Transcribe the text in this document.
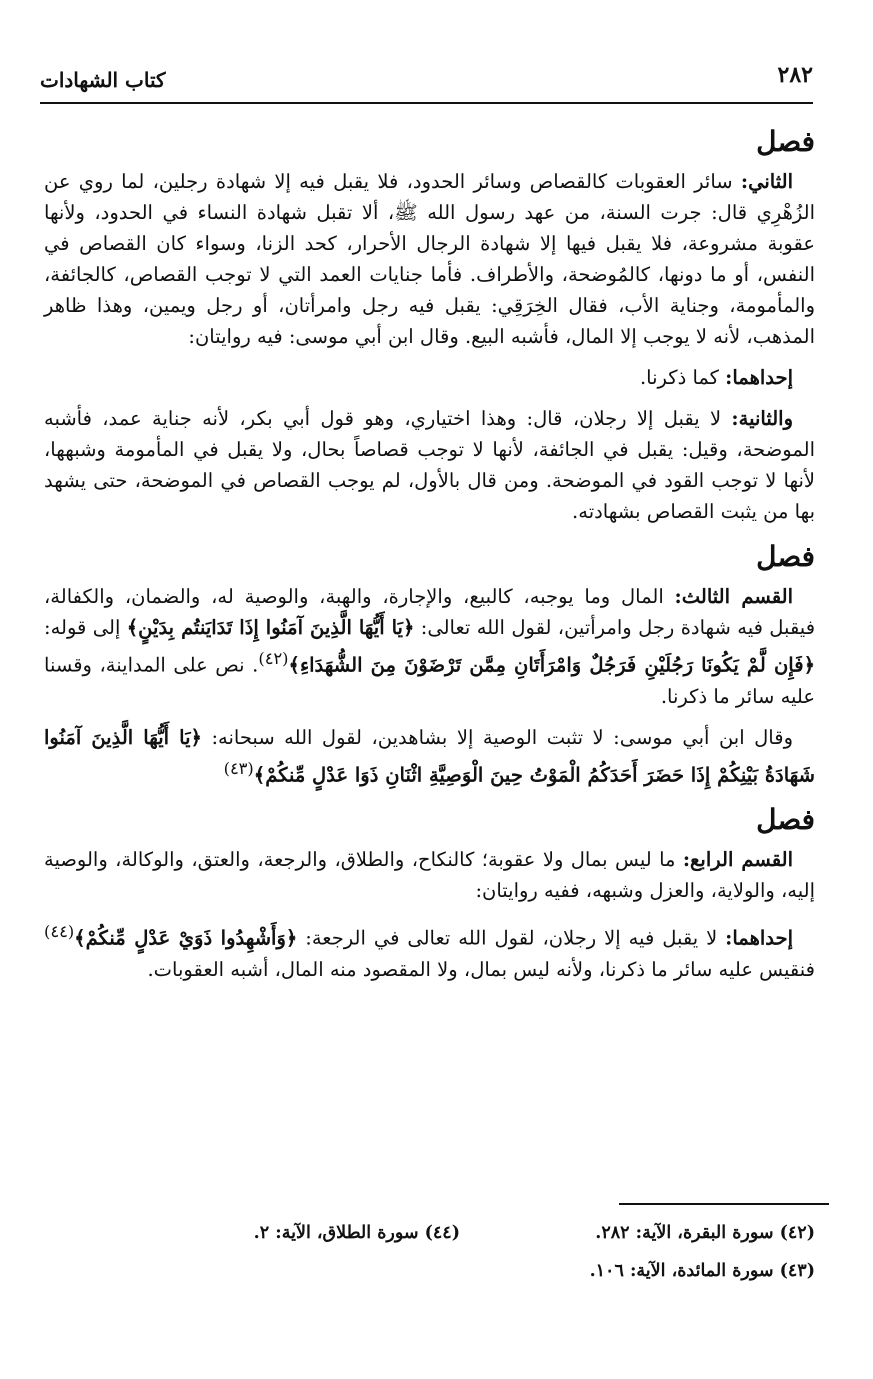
٢٨٢
كتاب الشهادات
فصل

الثاني: سائر العقوبات كالقصاص وسائر الحدود، فلا يقبل فيه إلا شهادة رجلين، لما روي عن الزُهْرِي قال: جرت السنة، من عهد رسول الله ﷺ، ألا تقبل شهادة النساء في الحدود، ولأنها عقوبة مشروعة، فلا يقبل فيها إلا شهادة الرجال الأحرار، كحد الزنا، وسواء كان القصاص في النفس، أو ما دونها، كالمُوضحة، والأطراف. فأما جنايات العمد التي لا توجب القصاص، كالجائفة، والمأمومة، وجناية الأب، فقال الخِرَقِي: يقبل فيه رجل وامرأتان، أو رجل ويمين، وهذا ظاهر المذهب، لأنه لا يوجب إلا المال، فأشبه البيع. وقال ابن أبي موسى: فيه روايتان:

إحداهما: كما ذكرنا.

والثانية: لا يقبل إلا رجلان، قال: وهذا اختياري، وهو قول أبي بكر، لأنه جناية عمد، فأشبه الموضحة، وقيل: يقبل في الجائفة، لأنها لا توجب قصاصاً بحال، ولا يقبل في المأمومة وشبهها، لأنها لا توجب القود في الموضحة. ومن قال بالأول، لم يوجب القصاص في الموضحة، حتى يشهد بها من يثبت القصاص بشهادته.

فصل

القسم الثالث: المال وما يوجبه، كالبيع، والإجارة، والهبة، والوصية له، والضمان، والكفالة، فيقبل فيه شهادة رجل وامرأتين، لقول الله تعالى: ﴿يَا أَيُّهَا الَّذِينَ آمَنُوا إِذَا تَدَايَنتُم بِدَيْنٍ﴾ إلى قوله: ﴿فَإِن لَّمْ يَكُونَا رَجُلَيْنِ فَرَجُلٌ وَامْرَأَتَانِ مِمَّن تَرْضَوْنَ مِنَ الشُّهَدَاءِ﴾$^{(٤٢)}$. نص على المداينة، وقسنا عليه سائر ما ذكرنا.

وقال ابن أبي موسى: لا تثبت الوصية إلا بشاهدين، لقول الله سبحانه: ﴿يَا أَيُّهَا الَّذِينَ آمَنُوا شَهَادَةُ بَيْنِكُمْ إِذَا حَضَرَ أَحَدَكُمُ الْمَوْتُ حِينَ الْوَصِيَّةِ اثْنَانِ ذَوَا عَدْلٍ مِّنكُمْ﴾$^{(٤٣)}$

فصل

القسم الرابع: ما ليس بمال ولا عقوبة؛ كالنكاح، والطلاق، والرجعة، والعتق، والوكالة، والوصية إليه، والولاية، والعزل وشبهه، ففيه روايتان:

إحداهما: لا يقبل فيه إلا رجلان، لقول الله تعالى في الرجعة: ﴿وَأَشْهِدُوا ذَوَيْ عَدْلٍ مِّنكُمْ﴾$^{(٤٤)}$ فنقيس عليه سائر ما ذكرنا، ولأنه ليس بمال، ولا المقصود منه المال، أشبه العقوبات.

(٤٢) سورة البقرة، الآية: ٢٨٢.
(٤٣) سورة المائدة، الآية: ١٠٦.
(٤٤) سورة الطلاق، الآية: ٢.
